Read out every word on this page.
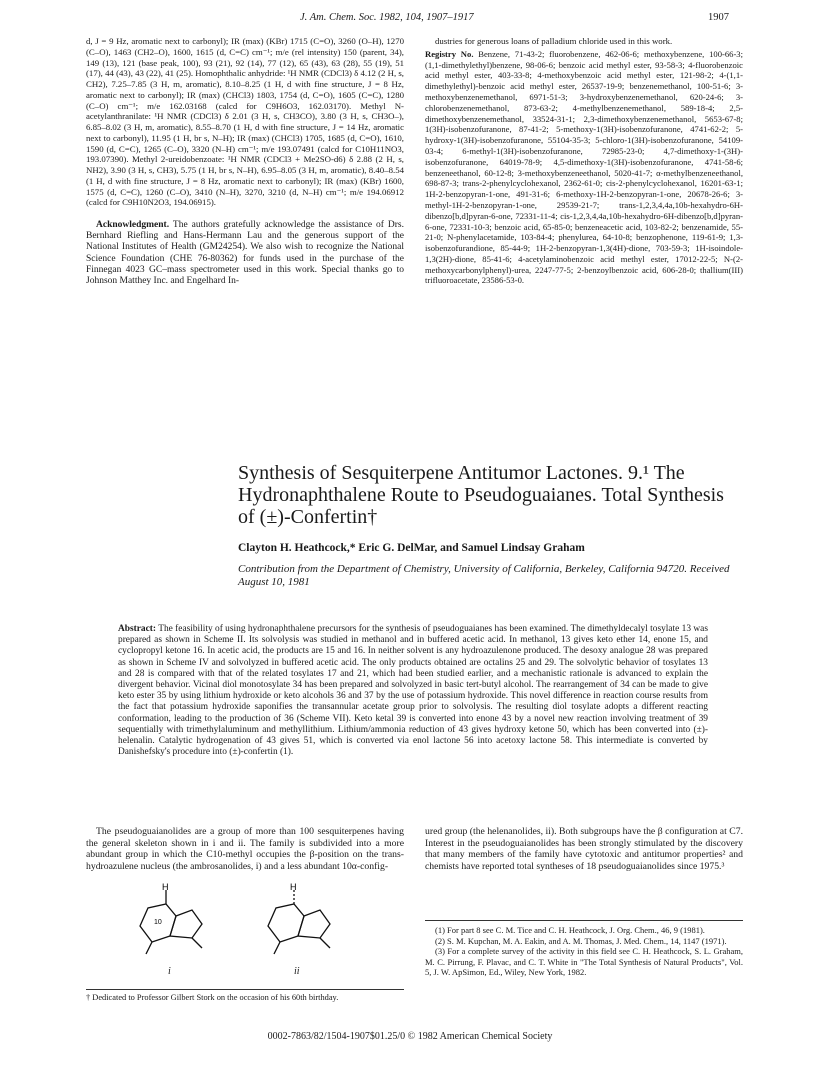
J. Am. Chem. Soc. 1982, 104, 1907–1917	1907

d, J = 9 Hz, aromatic next to carbonyl); IR (max) (KBr) 1715 (C=O), 3260 (O–H), 1270 (C–O), 1463 (CH2–O), 1600, 1615 (d, C=C) cm⁻¹; m/e (rel intensity) 150 (parent, 34), 149 (13), 121 (base peak, 100), 93 (21), 92 (14), 77 (12), 65 (43), 63 (28), 55 (19), 51 (17), 44 (43), 43 (22), 41 (25). Homophthalic anhydride: ¹H NMR (CDCl3) δ 4.12 (2 H, s, CH2), 7.25–7.85 (3 H, m, aromatic), 8.10–8.25 (1 H, d with fine structure, J = 8 Hz, aromatic next to carbonyl); IR (max) (CHCl3) 1803, 1754 (d, C=O), 1605 (C=C), 1280 (C–O) cm⁻¹; m/e 162.03168 (calcd for C9H6O3, 162.03170). Methyl N-acetylanthranilate: ¹H NMR (CDCl3) δ 2.01 (3 H, s, CH3CO), 3.80 (3 H, s, CH3O–), 6.85–8.02 (3 H, m, aromatic), 8.55–8.70 (1 H, d with fine structure, J = 14 Hz, aromatic next to carbonyl), 11.95 (1 H, br s, N–H); IR (max) (CHCl3) 1705, 1685 (d, C=O), 1610, 1590 (d, C=C), 1265 (C–O), 3320 (N–H) cm⁻¹; m/e 193.07491 (calcd for C10H11NO3, 193.07390). Methyl 2-ureidobenzoate: ¹H NMR (CDCl3 + Me2SO-d6) δ 2.88 (2 H, s, NH2), 3.90 (3 H, s, CH3), 5.75 (1 H, br s, N–H), 6.95–8.05 (3 H, m, aromatic), 8.40–8.54 (1 H, d with fine structure, J = 8 Hz, aromatic next to carbonyl); IR (max) (KBr) 1600, 1575 (d, C=C), 1260 (C–O), 3410 (N–H), 3270, 3210 (d, N–H) cm⁻¹; m/e 194.06912 (calcd for C9H10N2O3, 194.06915).

Acknowledgment. The authors gratefully acknowledge the assistance of Drs. Bernhard Riefling and Hans-Hermann Lau and the generous support of the National Institutes of Health (GM24254). We also wish to recognize the National Science Foundation (CHE 76-80362) for funds used in the purchase of the Finnegan 4023 GC–mass spectrometer used in this work. Special thanks go to Johnson Matthey Inc. and Engelhard In-

dustries for generous loans of palladium chloride used in this work.

Registry No. Benzene, 71-43-2; fluorobenzene, 462-06-6; methoxybenzene, 100-66-3; (1,1-dimethylethyl)benzene, 98-06-6; benzoic acid methyl ester, 93-58-3; 4-fluorobenzoic acid methyl ester, 403-33-8; 4-methoxybenzoic acid methyl ester, 121-98-2; 4-(1,1-dimethylethyl)-benzoic acid methyl ester, 26537-19-9; benzenemethanol, 100-51-6; 3-methoxybenzenemethanol, 6971-51-3; 3-hydroxybenzenemethanol, 620-24-6; 3-chlorobenzenemethanol, 873-63-2; 4-methylbenzenemethanol, 589-18-4; 2,5-dimethoxybenzenemethanol, 33524-31-1; 2,3-dimethoxybenzenemethanol, 5653-67-8; 1(3H)-isobenzofuranone, 87-41-2; 5-methoxy-1(3H)-isobenzofuranone, 4741-62-2; 5-hydroxy-1(3H)-isobenzofuranone, 55104-35-3; 5-chloro-1(3H)-isobenzofuranone, 54109-03-4; 6-methyl-1(3H)-isobenzofuranone, 72985-23-0; 4,7-dimethoxy-1-(3H)-isobenzofuranone, 64019-78-9; 4,5-dimethoxy-1(3H)-isobenzofuranone, 4741-58-6; benzeneethanol, 60-12-8; 3-methoxybenzeneethanol, 5020-41-7; α-methylbenzeneethanol, 698-87-3; trans-2-phenylcyclohexanol, 2362-61-0; cis-2-phenylcyclohexanol, 16201-63-1; 1H-2-benzopyran-1-one, 491-31-6; 6-methoxy-1H-2-benzopyran-1-one, 20678-26-6; 3-methyl-1H-2-benzopyran-1-one, 29539-21-7; trans-1,2,3,4,4a,10b-hexahydro-6H-dibenzo[b,d]pyran-6-one, 72331-11-4; cis-1,2,3,4,4a,10b-hexahydro-6H-dibenzo[b,d]pyran-6-one, 72331-10-3; benzoic acid, 65-85-0; benzeneacetic acid, 103-82-2; benzenamide, 55-21-0; N-phenylacetamide, 103-84-4; phenylurea, 64-10-8; benzophenone, 119-61-9; 1,3-isobenzofurandione, 85-44-9; 1H-2-benzopyran-1,3(4H)-dione, 703-59-3; 1H-isoindole-1,3(2H)-dione, 85-41-6; 4-acetylaminobenzoic acid methyl ester, 17012-22-5; N-(2-methoxycarbonylphenyl)-urea, 2247-77-5; 2-benzoylbenzoic acid, 606-28-0; thallium(III) trifluoroacetate, 23586-53-0.

Synthesis of Sesquiterpene Antitumor Lactones. 9.¹ The Hydronaphthalene Route to Pseudoguaianes. Total Synthesis of (±)-Confertin†
Clayton H. Heathcock,* Eric G. DelMar, and Samuel Lindsay Graham
Contribution from the Department of Chemistry, University of California, Berkeley, California 94720. Received August 10, 1981
Abstract: The feasibility of using hydronaphthalene precursors for the synthesis of pseudoguaianes has been examined. The dimethyldecalyl tosylate 13 was prepared as shown in Scheme II. Its solvolysis was studied in methanol and in buffered acetic acid. In methanol, 13 gives keto ether 14, enone 15, and cyclopropyl ketone 16. In acetic acid, the products are 15 and 16. In neither solvent is any hydroazulenone produced. The desoxy analogue 28 was prepared as shown in Scheme IV and solvolyzed in buffered acetic acid. The only products obtained are octalins 25 and 29. The solvolytic behavior of tosylates 13 and 28 is compared with that of the related tosylates 17 and 21, which had been studied earlier, and a mechanistic rationale is advanced to explain the divergent behavior. Vicinal diol monotosylate 34 has been prepared and solvolyzed in basic tert-butyl alcohol. The rearrangement of 34 can be made to give keto ester 35 by using lithium hydroxide or keto alcohols 36 and 37 by the use of potassium hydroxide. This novel difference in reaction course results from the fact that potassium hydroxide saponifies the transannular acetate group prior to solvolysis. The resulting diol tosylate adopts a different reacting conformation, leading to the production of 36 (Scheme VII). Keto ketal 39 is converted into enone 43 by a novel new reaction involving treatment of 39 sequentially with trimethylaluminum and methyllithium. Lithium/ammonia reduction of 43 gives hydroxy ketone 50, which has been converted into (±)-helenalin. Catalytic hydrogenation of 43 gives 51, which is converted via enol lactone 56 into acetoxy lactone 58. This intermediate is converted by Danishefsky's procedure into (±)-confertin (1).
The pseudoguaianolides are a group of more than 100 sesquiterpenes having the general skeleton shown in i and ii. The family is subdivided into a more abundant group in which the C10-methyl occupies the β-position on the trans-hydroazulene nucleus (the ambrosanolides, i) and a less abundant 10α-config-
ured group (the helenanolides, ii). Both subgroups have the β configuration at C7. Interest in the pseudoguaianolides has been strongly stimulated by the discovery that many members of the family have cytotoxic and antitumor properties² and chemists have reported total syntheses of 18 pseudoguaianolides since 1975.³
H
10
H
i	ii
† Dedicated to Professor Gilbert Stork on the occasion of his 60th birthday.

(1) For part 8 see C. M. Tice and C. H. Heathcock, J. Org. Chem., 46, 9 (1981).

(2) S. M. Kupchan, M. A. Eakin, and A. M. Thomas, J. Med. Chem., 14, 1147 (1971).

(3) For a complete survey of the activity in this field see C. H. Heathcock, S. L. Graham, M. C. Pirrung, F. Plavac, and C. T. White in "The Total Synthesis of Natural Products", Vol. 5, J. W. ApSimon, Ed., Wiley, New York, 1982.

0002-7863/82/1504-1907$01.25/0 © 1982 American Chemical Society
